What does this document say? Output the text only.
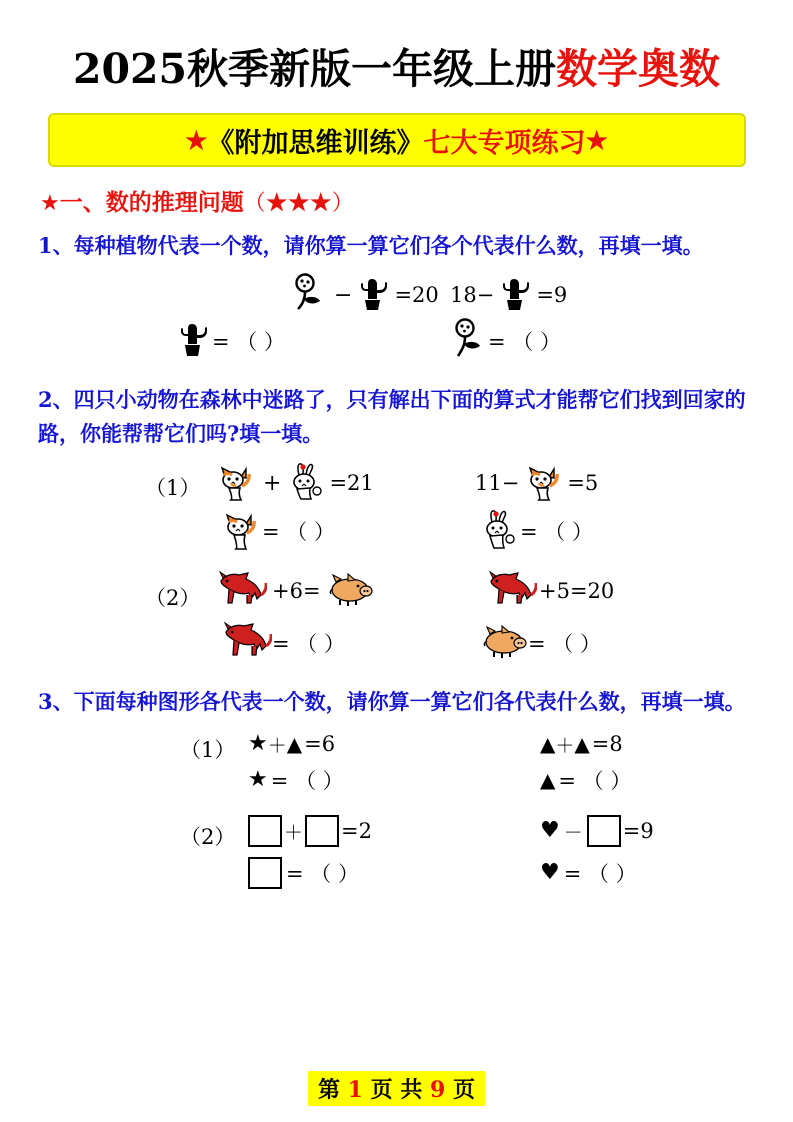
2025秋季新版一年级上册数学奥数
★ 《附加思维训练》 七大专项练习 ★
★一、数的推理问题（★★★）
1、每种植物代表一个数，请你算一算它们各个代表什么数，再填一填。
− =20 18− =9
= （ ）	= （ ）
2、四只小动物在森林中迷路了，只有解出下面的算式才能帮它们找到回家的路，你能帮帮它们吗?填一填。
（1）	+ =21	11− =5
= （ ）	= （ ）
（2）	+6=	+5=20
= （ ）	= （ ）
3、下面每种图形各代表一个数，请你算一算它们各代表什么数，再填一填。
（1） ★ ＋ ▲ =6	▲ ＋ ▲ =8
★ = （ ）	▲ = （ ）
（2）	＋ =2	♥ － =9
= （ ）	♥ = （ ）
第 1 页 共 9 页
